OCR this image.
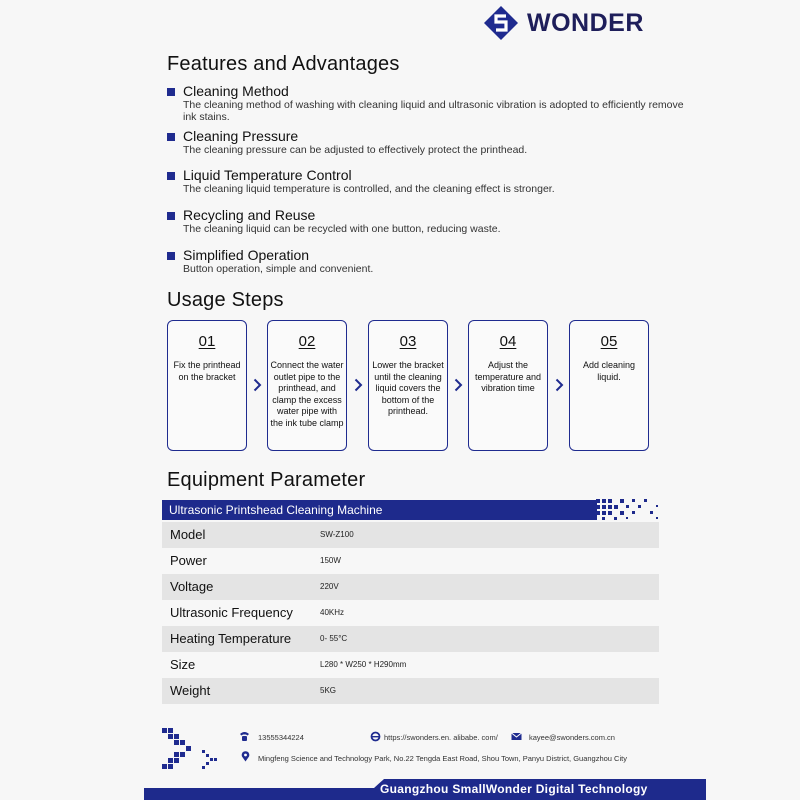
WONDER
Features and Advantages
Cleaning Method
The cleaning method of washing with cleaning liquid and ultrasonic vibration is adopted to efficiently remove ink stains.
Cleaning Pressure
The cleaning pressure can be adjusted to effectively protect the printhead.
Liquid Temperature Control
The cleaning liquid temperature is controlled, and the cleaning effect is stronger.
Recycling and Reuse
The cleaning liquid can be recycled with one button, reducing waste.
Simplified Operation
Button operation, simple and convenient.
Usage Steps
01
Fix the printhead on the bracket
02
Connect the water outlet pipe to the printhead, and clamp the excess water pipe with the ink tube clamp
03
Lower the bracket until the cleaning liquid covers the bottom of the printhead.
04
Adjust the temperature and vibration time
05
Add cleaning liquid.
Equipment Parameter
Ultrasonic Printshead Cleaning Machine
Model	SW-Z100
Power	150W
Voltage	220V
Ultrasonic Frequency	40KHz
Heating Temperature	0- 55°C
Size	L280 * W250 * H290mm
Weight	5KG
13555344224	https://swonders.en. alibabe. com/	kayee@swonders.com.cn
Mingfeng Science and Technology Park, No.22 Tengda East Road, Shou Town, Panyu District, Guangzhou City
Guangzhou SmallWonder Digital Technology
